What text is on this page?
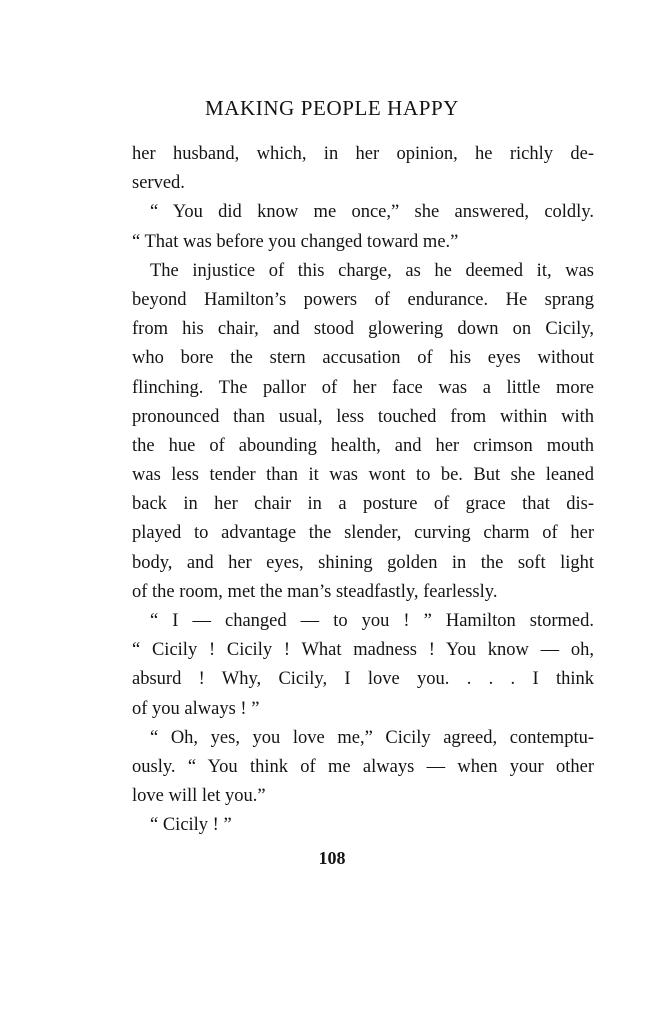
MAKING PEOPLE HAPPY
her husband, which, in her opinion, he richly de-
served.
“ You did know me once,” she answered, coldly.
“ That was before you changed toward me.”
The injustice of this charge, as he deemed it, was
beyond Hamilton’s powers of endurance. He sprang
from his chair, and stood glowering down on Cicily,
who bore the stern accusation of his eyes without
flinching. The pallor of her face was a little more
pronounced than usual, less touched from within with
the hue of abounding health, and her crimson mouth
was less tender than it was wont to be. But she leaned
back in her chair in a posture of grace that dis-
played to advantage the slender, curving charm of her
body, and her eyes, shining golden in the soft light
of the room, met the man’s steadfastly, fearlessly.
“ I — changed — to you ! ” Hamilton stormed.
“ Cicily ! Cicily ! What madness ! You know — oh,
absurd ! Why, Cicily, I love you. . . . I think
of you always ! ”
“ Oh, yes, you love me,” Cicily agreed, contemptu-
ously. “ You think of me always — when your other
love will let you.”
“ Cicily ! ”
108
